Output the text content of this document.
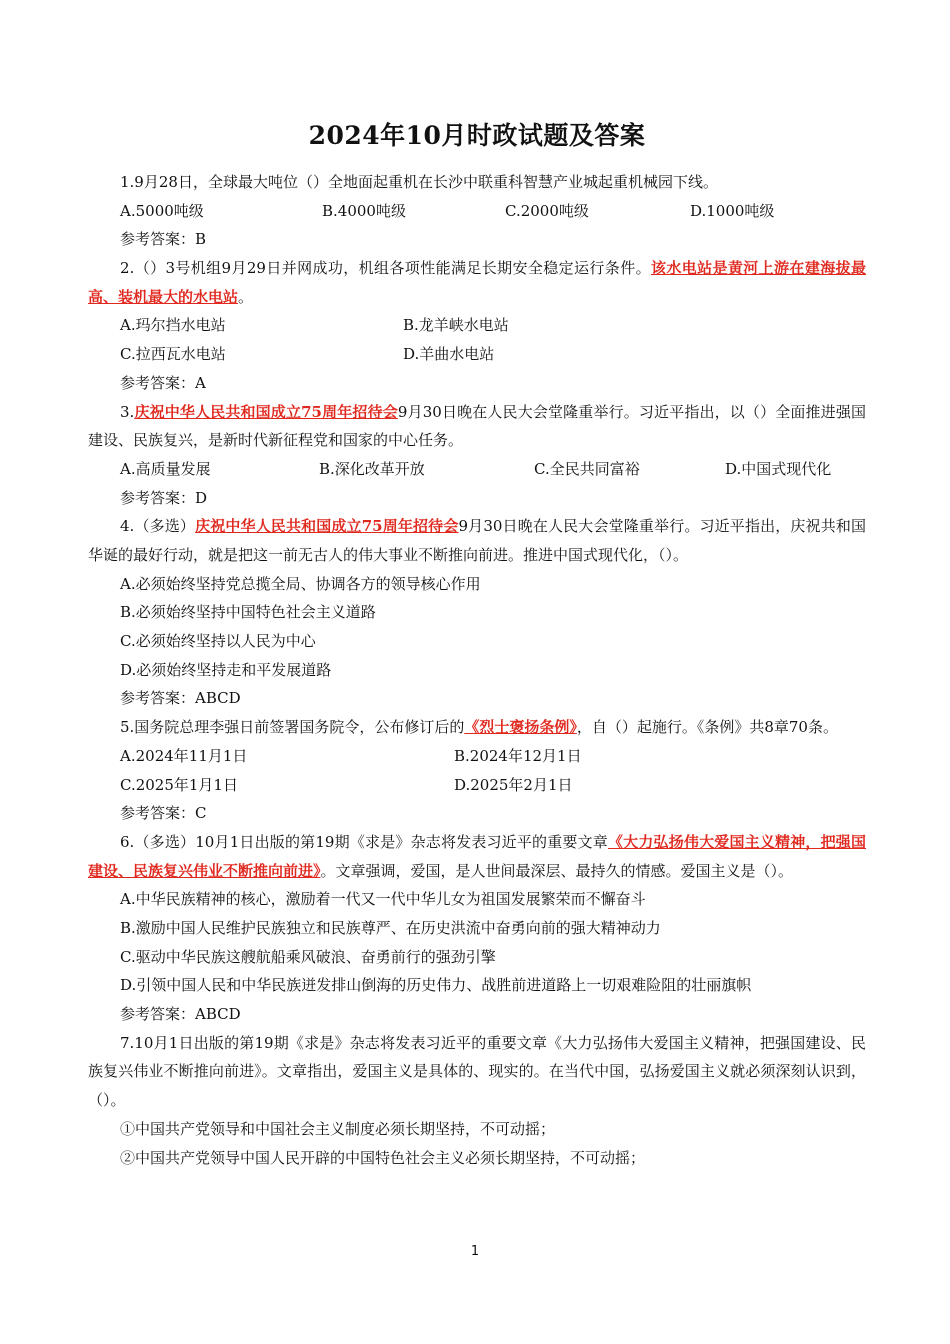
2024年10月时政试题及答案
1.9月28日，全球最大吨位（）全地面起重机在长沙中联重科智慧产业城起重机械园下线。
A.5000吨级	B.4000吨级	C.2000吨级	D.1000吨级
参考答案：B
2.（）3号机组9月29日并网成功，机组各项性能满足长期安全稳定运行条件。该水电站是黄河上游在建海拔最高、装机最大的水电站。
A.玛尔挡水电站	B.龙羊峡水电站
C.拉西瓦水电站	D.羊曲水电站
参考答案：A
3.庆祝中华人民共和国成立75周年招待会9月30日晚在人民大会堂隆重举行。习近平指出，以（）全面推进强国建设、民族复兴，是新时代新征程党和国家的中心任务。
A.高质量发展	B.深化改革开放	C.全民共同富裕	D.中国式现代化
参考答案：D
4.（多选）庆祝中华人民共和国成立75周年招待会9月30日晚在人民大会堂隆重举行。习近平指出，庆祝共和国华诞的最好行动，就是把这一前无古人的伟大事业不断推向前进。推进中国式现代化，（）。
A.必须始终坚持党总揽全局、协调各方的领导核心作用
B.必须始终坚持中国特色社会主义道路
C.必须始终坚持以人民为中心
D.必须始终坚持走和平发展道路
参考答案：ABCD
5.国务院总理李强日前签署国务院令，公布修订后的《烈士褒扬条例》，自（）起施行。《条例》共8章70条。
A.2024年11月1日	B.2024年12月1日
C.2025年1月1日	D.2025年2月1日
参考答案：C
6.（多选）10月1日出版的第19期《求是》杂志将发表习近平的重要文章《大力弘扬伟大爱国主义精神，把强国建设、民族复兴伟业不断推向前进》。文章强调，爱国，是人世间最深层、最持久的情感。爱国主义是（）。
A.中华民族精神的核心，激励着一代又一代中华儿女为祖国发展繁荣而不懈奋斗
B.激励中国人民维护民族独立和民族尊严、在历史洪流中奋勇向前的强大精神动力
C.驱动中华民族这艘航船乘风破浪、奋勇前行的强劲引擎
D.引领中国人民和中华民族迸发排山倒海的历史伟力、战胜前进道路上一切艰难险阻的壮丽旗帜
参考答案：ABCD
7.10月1日出版的第19期《求是》杂志将发表习近平的重要文章《大力弘扬伟大爱国主义精神，把强国建设、民族复兴伟业不断推向前进》。文章指出，爱国主义是具体的、现实的。在当代中国，弘扬爱国主义就必须深刻认识到，（）。
①中国共产党领导和中国社会主义制度必须长期坚持，不可动摇；
②中国共产党领导中国人民开辟的中国特色社会主义必须长期坚持，不可动摇；
1
